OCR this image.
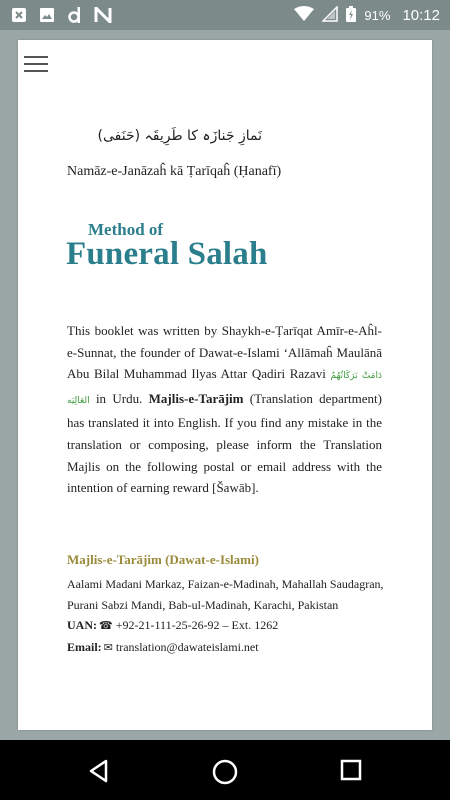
91% 10:12
نَمازِ جَنازَہ کا طَرِیقَہ (حَنَفی)
Namāz-e-Janāzaĥ kā Ṭarīqaĥ (Ḥanafī)
Method of
Funeral Salah
This booklet was written by Shaykh-e-Ṭarīqat Amīr-e-Aĥl-e-Sunnat, the founder of Dawat-e-Islami ‘Allāmaĥ Maulānā Abu Bilal Muhammad Ilyas Attar Qadiri Razavi دَامَتْ بَرَكَاتُهُمُ العَالِيَه in Urdu. Majlis-e-Tarājim (Translation department) has translated it into English. If you find any mistake in the translation or composing, please inform the Translation Majlis on the following postal or email address with the intention of earning reward [Šawāb].
Majlis-e-Tarājim (Dawat-e-Islami)
Aalami Madani Markaz, Faizan-e-Madinah, Mahallah Saudagran, Purani Sabzi Mandi, Bab-ul-Madinah, Karachi, Pakistan
UAN: ☎ +92-21-111-25-26-92 – Ext. 1262
Email: ✉ translation@dawateislami.net
